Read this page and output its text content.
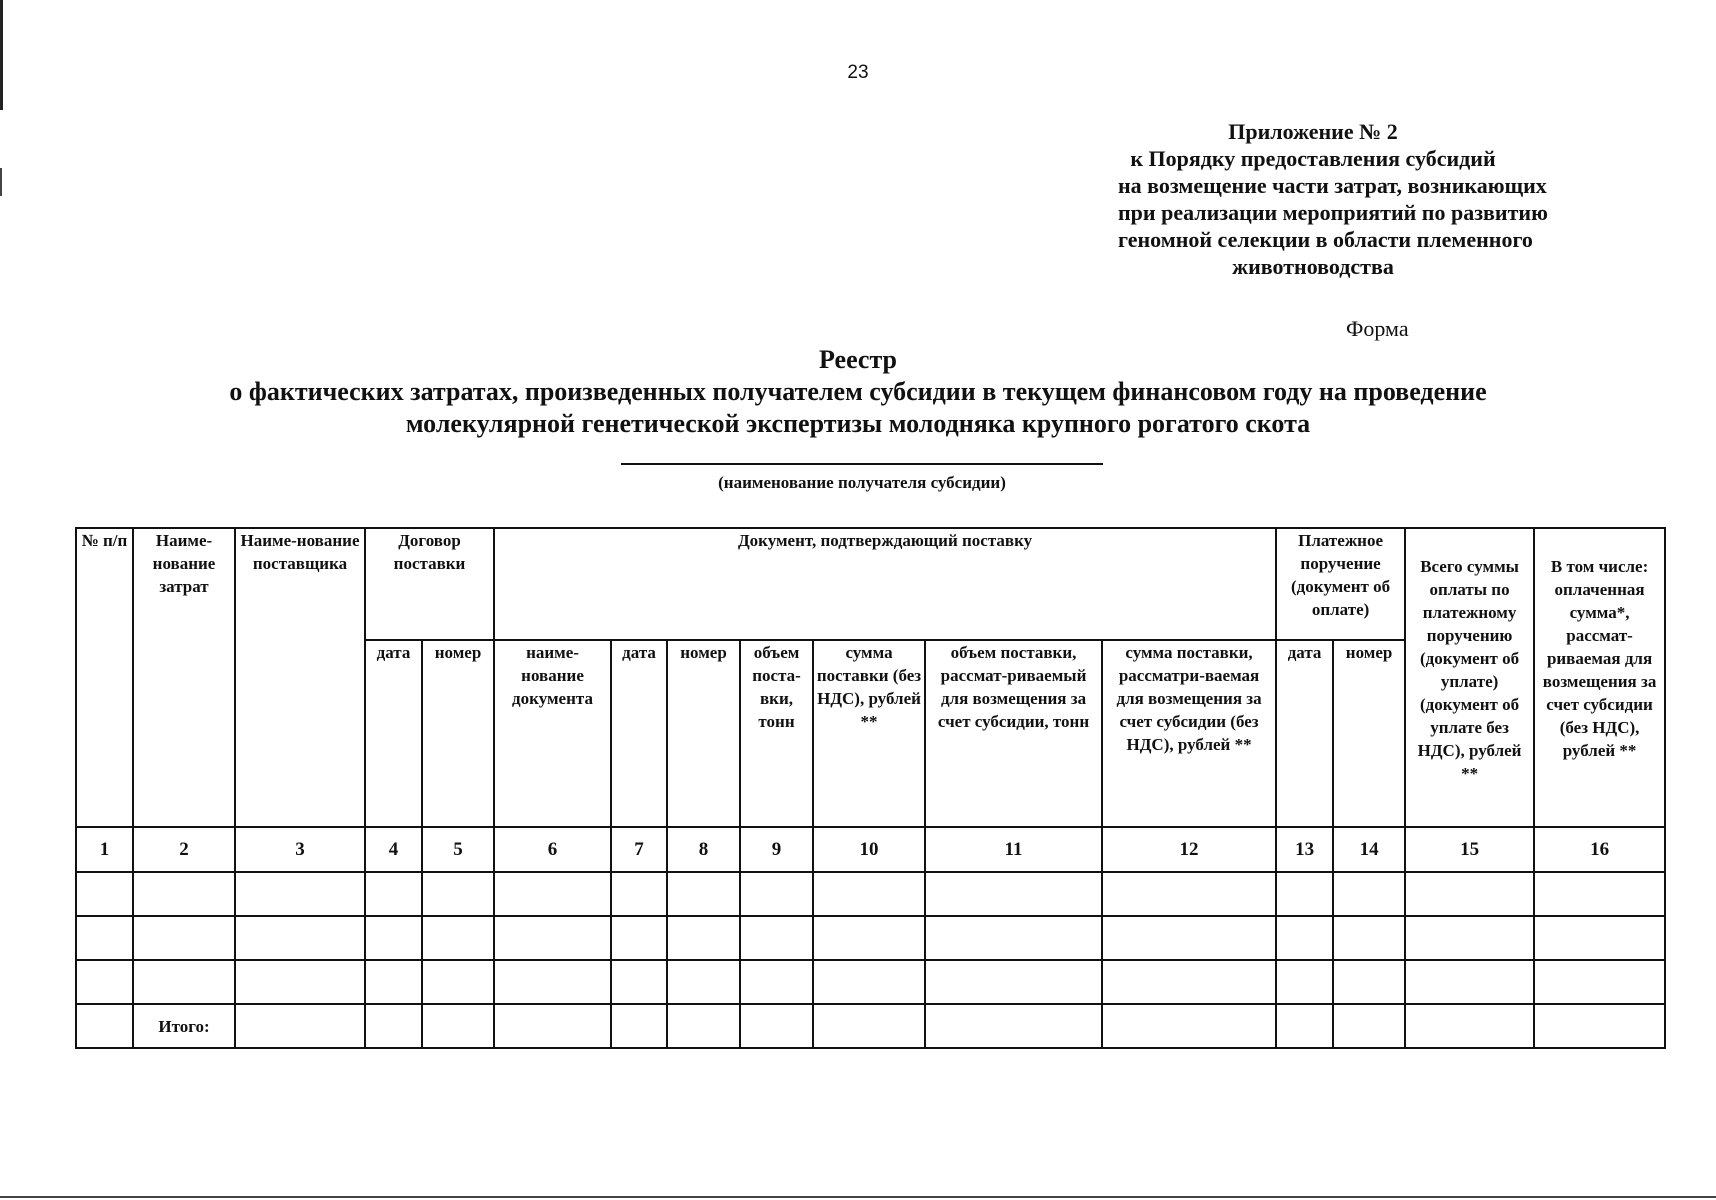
23
Приложение № 2
к Порядку предоставления субсидий
на возмещение части затрат, возникающих
при реализации мероприятий по развитию
геномной селекции в области племенного
животноводства
Форма
Реестр
о фактических затратах, произведенных получателем субсидии в текущем финансовом году на проведение
молекулярной генетической экспертизы молодняка крупного рогатого скота
(наименование получателя субсидии)
№ п/п	Наиме-нование затрат	Наиме-нование поставщика	Договор поставки		Документ, подтверждающий поставку							Платежное поручение (документ об оплате)		Всего суммы оплаты по платежному поручению (документ об уплате) (документ об уплате без НДС), рублей **	В том числе: оплаченная сумма*, рассмат-риваемая для возмещения за счет субсидии (без НДС), рублей **
			дата	номер	наиме-нование документа	дата	номер	объем поста-вки, тонн	сумма поставки (без НДС), рублей **	объем поставки, рассмат-риваемый для возмещения за счет субсидии, тонн	сумма поставки, рассматри-ваемая для возмещения за счет субсидии (без НДС), рублей **	дата	номер		
1	2	3	4	5	6	7	8	9	10	11	12	13	14	15	16

	Итого:														
